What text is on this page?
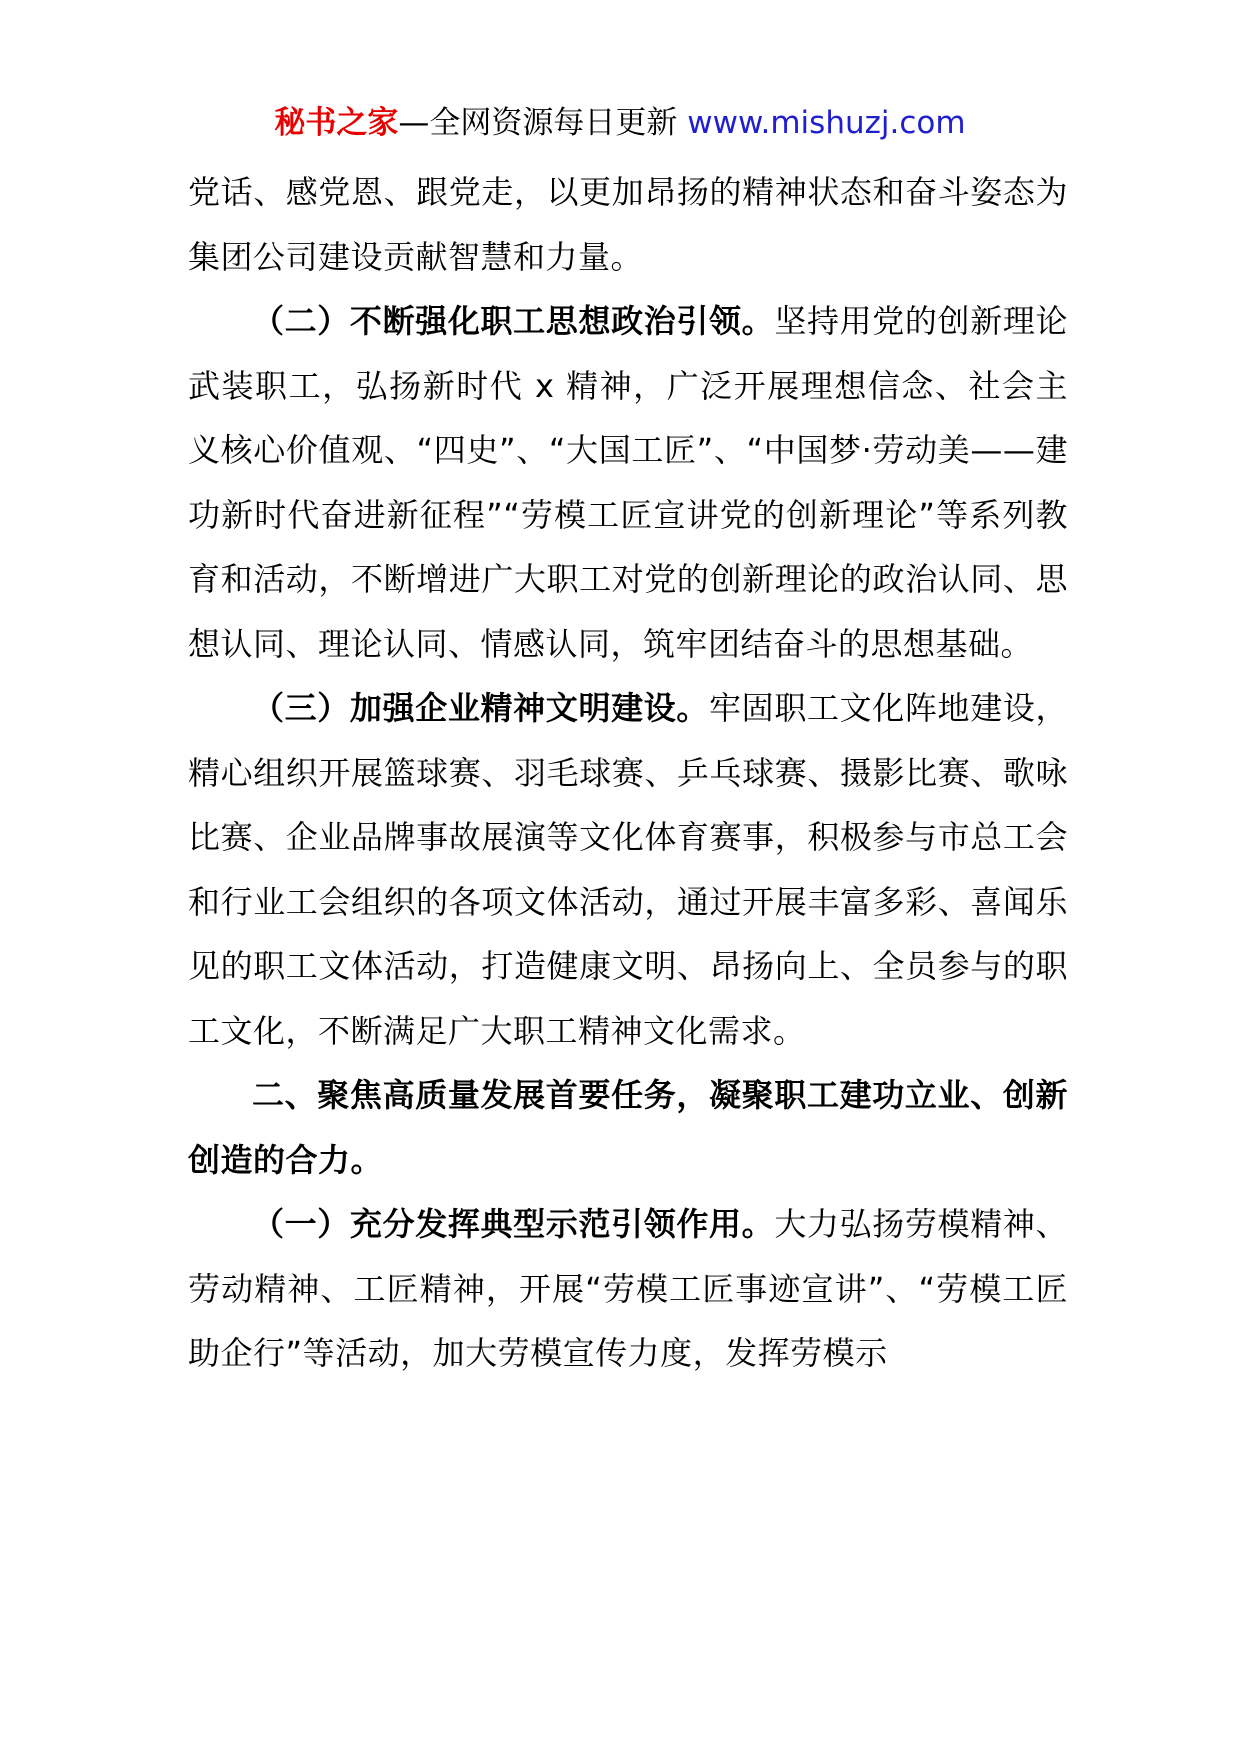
秘书之家—全网资源每日更新 www.mishuzj.com

党话、感党恩、跟党走，以更加昂扬的精神状态和奋斗姿态为集团公司建设贡献智慧和力量。

（二）不断强化职工思想政治引领。坚持用党的创新理论武装职工，弘扬新时代 x 精神，广泛开展理想信念、社会主义核心价值观、“四史”、“大国工匠”、“中国梦·劳动美——建功新时代奋进新征程”“劳模工匠宣讲党的创新理论”等系列教育和活动，不断增进广大职工对党的创新理论的政治认同、思想认同、理论认同、情感认同，筑牢团结奋斗的思想基础。

（三）加强企业精神文明建设。牢固职工文化阵地建设，精心组织开展篮球赛、羽毛球赛、乒乓球赛、摄影比赛、歌咏比赛、企业品牌事故展演等文化体育赛事，积极参与市总工会和行业工会组织的各项文体活动，通过开展丰富多彩、喜闻乐见的职工文体活动，打造健康文明、昂扬向上、全员参与的职工文化，不断满足广大职工精神文化需求。

二、聚焦高质量发展首要任务，凝聚职工建功立业、创新创造的合力。

（一）充分发挥典型示范引领作用。大力弘扬劳模精神、劳动精神、工匠精神，开展“劳模工匠事迹宣讲”、“劳模工匠助企行”等活动，加大劳模宣传力度，发挥劳模示
